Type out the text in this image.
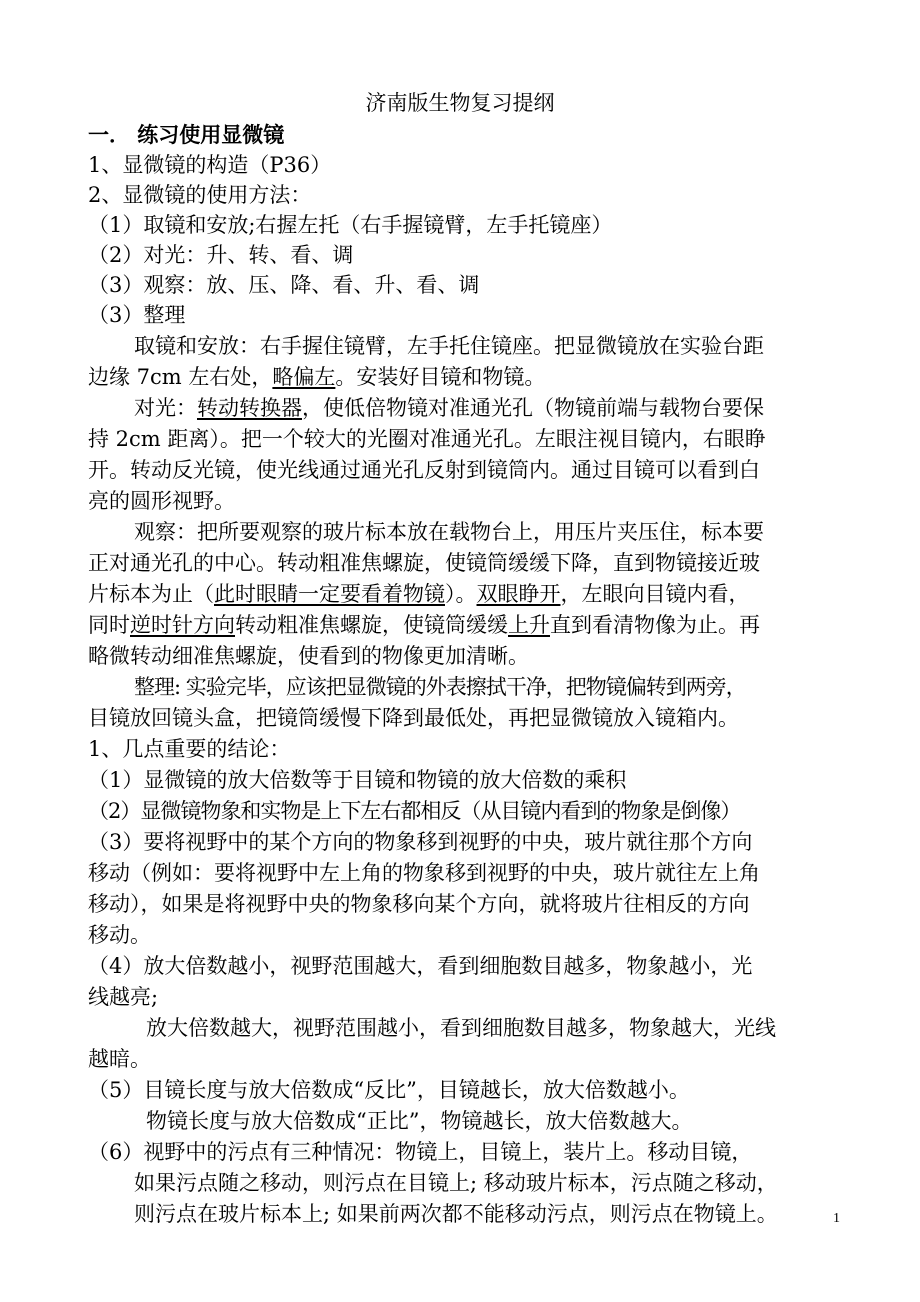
济南版生物复习提纲
一． 练习使用显微镜
1、显微镜的构造（P36）
2、显微镜的使用方法：
（1）取镜和安放;右握左托（右手握镜臂，左手托镜座）
（2）对光：升、转、看、调
（3）观察：放、压、降、看、升、看、调
（3）整理
取镜和安放：右手握住镜臂，左手托住镜座。把显微镜放在实验台距
边缘 7cm 左右处，略偏左。安装好目镜和物镜。
对光：转动转换器，使低倍物镜对准通光孔（物镜前端与载物台要保
持 2cm 距离）。把一个较大的光圈对准通光孔。左眼注视目镜内，右眼睁
开。转动反光镜，使光线通过通光孔反射到镜筒内。通过目镜可以看到白
亮的圆形视野。
观察：把所要观察的玻片标本放在载物台上，用压片夹压住，标本要
正对通光孔的中心。转动粗准焦螺旋，使镜筒缓缓下降，直到物镜接近玻
片标本为止（此时眼睛一定要看着物镜）。双眼睁开，左眼向目镜内看，
同时逆时针方向转动粗准焦螺旋，使镜筒缓缓上升直到看清物像为止。再
略微转动细准焦螺旋，使看到的物像更加清晰。
整理: 实验完毕，应该把显微镜的外表擦拭干净，把物镜偏转到两旁，
目镜放回镜头盒，把镜筒缓慢下降到最低处，再把显微镜放入镜箱内。
1、几点重要的结论：
（1）显微镜的放大倍数等于目镜和物镜的放大倍数的乘积
（2）显微镜物象和实物是上下左右都相反（从目镜内看到的物象是倒像）
（3）要将视野中的某个方向的物象移到视野的中央，玻片就往那个方向
移动（例如：要将视野中左上角的物象移到视野的中央，玻片就往左上角
移动），如果是将视野中央的物象移向某个方向，就将玻片往相反的方向
移动。
（4）放大倍数越小，视野范围越大，看到细胞数目越多，物象越小，光
线越亮;
放大倍数越大，视野范围越小，看到细胞数目越多，物象越大，光线
越暗。
（5）目镜长度与放大倍数成“反比”，目镜越长，放大倍数越小。
物镜长度与放大倍数成“正比”，物镜越长，放大倍数越大。
（6）视野中的污点有三种情况：物镜上，目镜上，装片上。移动目镜，
如果污点随之移动，则污点在目镜上; 移动玻片标本，污点随之移动，
则污点在玻片标本上; 如果前两次都不能移动污点，则污点在物镜上。	1
